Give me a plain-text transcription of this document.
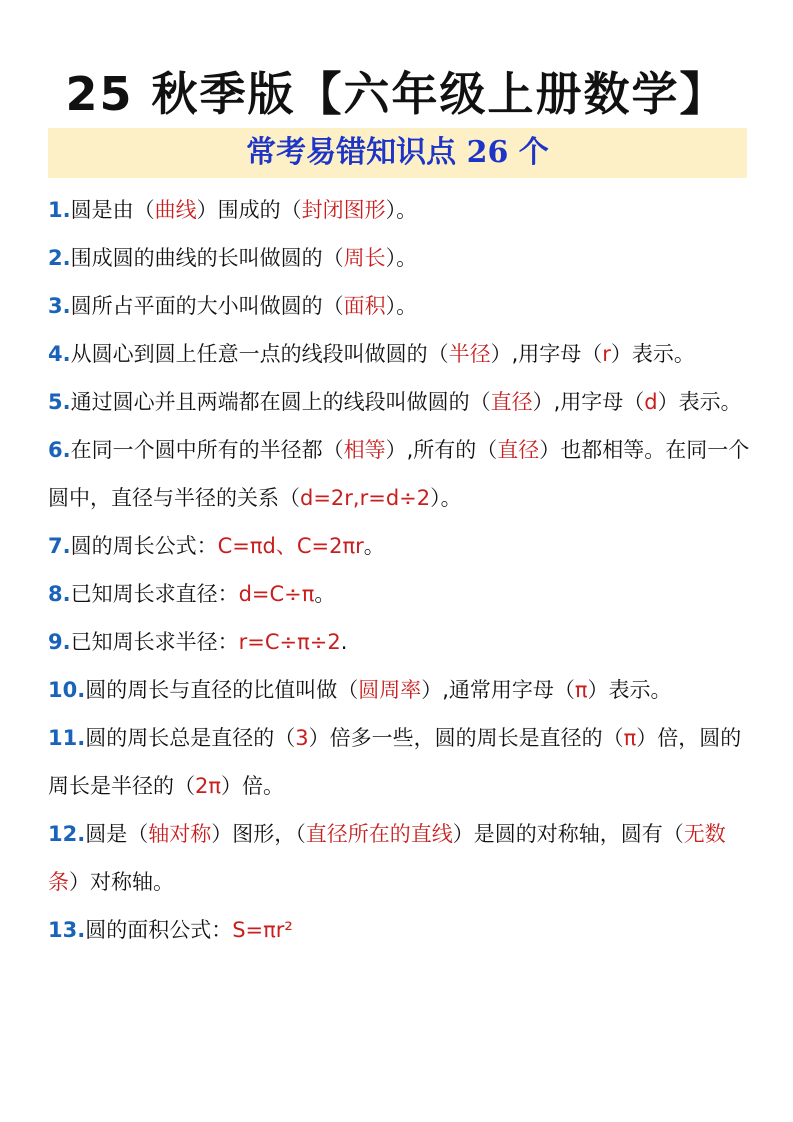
25 秋季版【六年级上册数学】
常考易错知识点 26 个

1.圆是由（曲线）围成的（封闭图形）。

2.围成圆的曲线的长叫做圆的（周长）。

3.圆所占平面的大小叫做圆的（面积）。

4.从圆心到圆上任意一点的线段叫做圆的（半径）,用字母（r）表示。

5.通过圆心并且两端都在圆上的线段叫做圆的（直径）,用字母（d）表示。

6.在同一个圆中所有的半径都（相等）,所有的（直径）也都相等。在同一个圆中，直径与半径的关系（d=2r,r=d÷2）。

7.圆的周长公式：C=πd、C=2πr。

8.已知周长求直径：d=C÷π。

9.已知周长求半径：r=C÷π÷2.

10.圆的周长与直径的比值叫做（圆周率）,通常用字母（π）表示。

11.圆的周长总是直径的（3）倍多一些，圆的周长是直径的（π）倍，圆的周长是半径的（2π）倍。

12.圆是（轴对称）图形，（直径所在的直线）是圆的对称轴，圆有（无数条）对称轴。

13.圆的面积公式：S=πr²
